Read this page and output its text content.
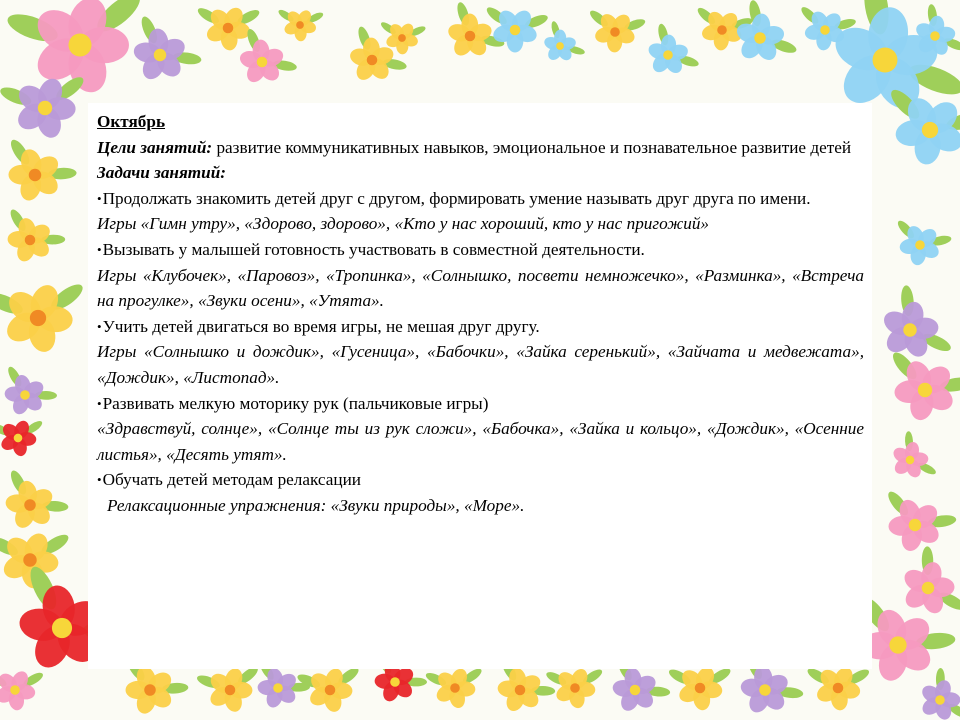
Октябрь

Цели занятий: развитие коммуникативных навыков, эмоциональное и познавательное развитие детей

Задачи занятий:

• Продолжать знакомить детей друг с другом, формировать умение называть друг друга по имени.

Игры «Гимн утру», «Здорово, здорово», «Кто у нас хороший, кто у нас пригожий»

• Вызывать у малышей готовность участвовать в совместной деятельности.

Игры «Клубочек», «Паровоз», «Тропинка», «Солнышко, посвети немножечко», «Разминка», «Встреча на прогулке», «Звуки осени», «Утята».

• Учить детей двигаться во время игры, не мешая друг другу.

Игры «Солнышко и дождик», «Гусеница», «Бабочки», «Зайка серенький», «Зайчата и медвежата», «Дождик», «Листопад».

• Развивать мелкую моторику рук (пальчиковые игры)

«Здравствуй, солнце», «Солнце ты из рук сложи», «Бабочка», «Зайка и кольцо», «Дождик», «Осенние листья», «Десять утят».

• Обучать детей методам релаксации

Релаксационные упражнения: «Звуки природы», «Море».
